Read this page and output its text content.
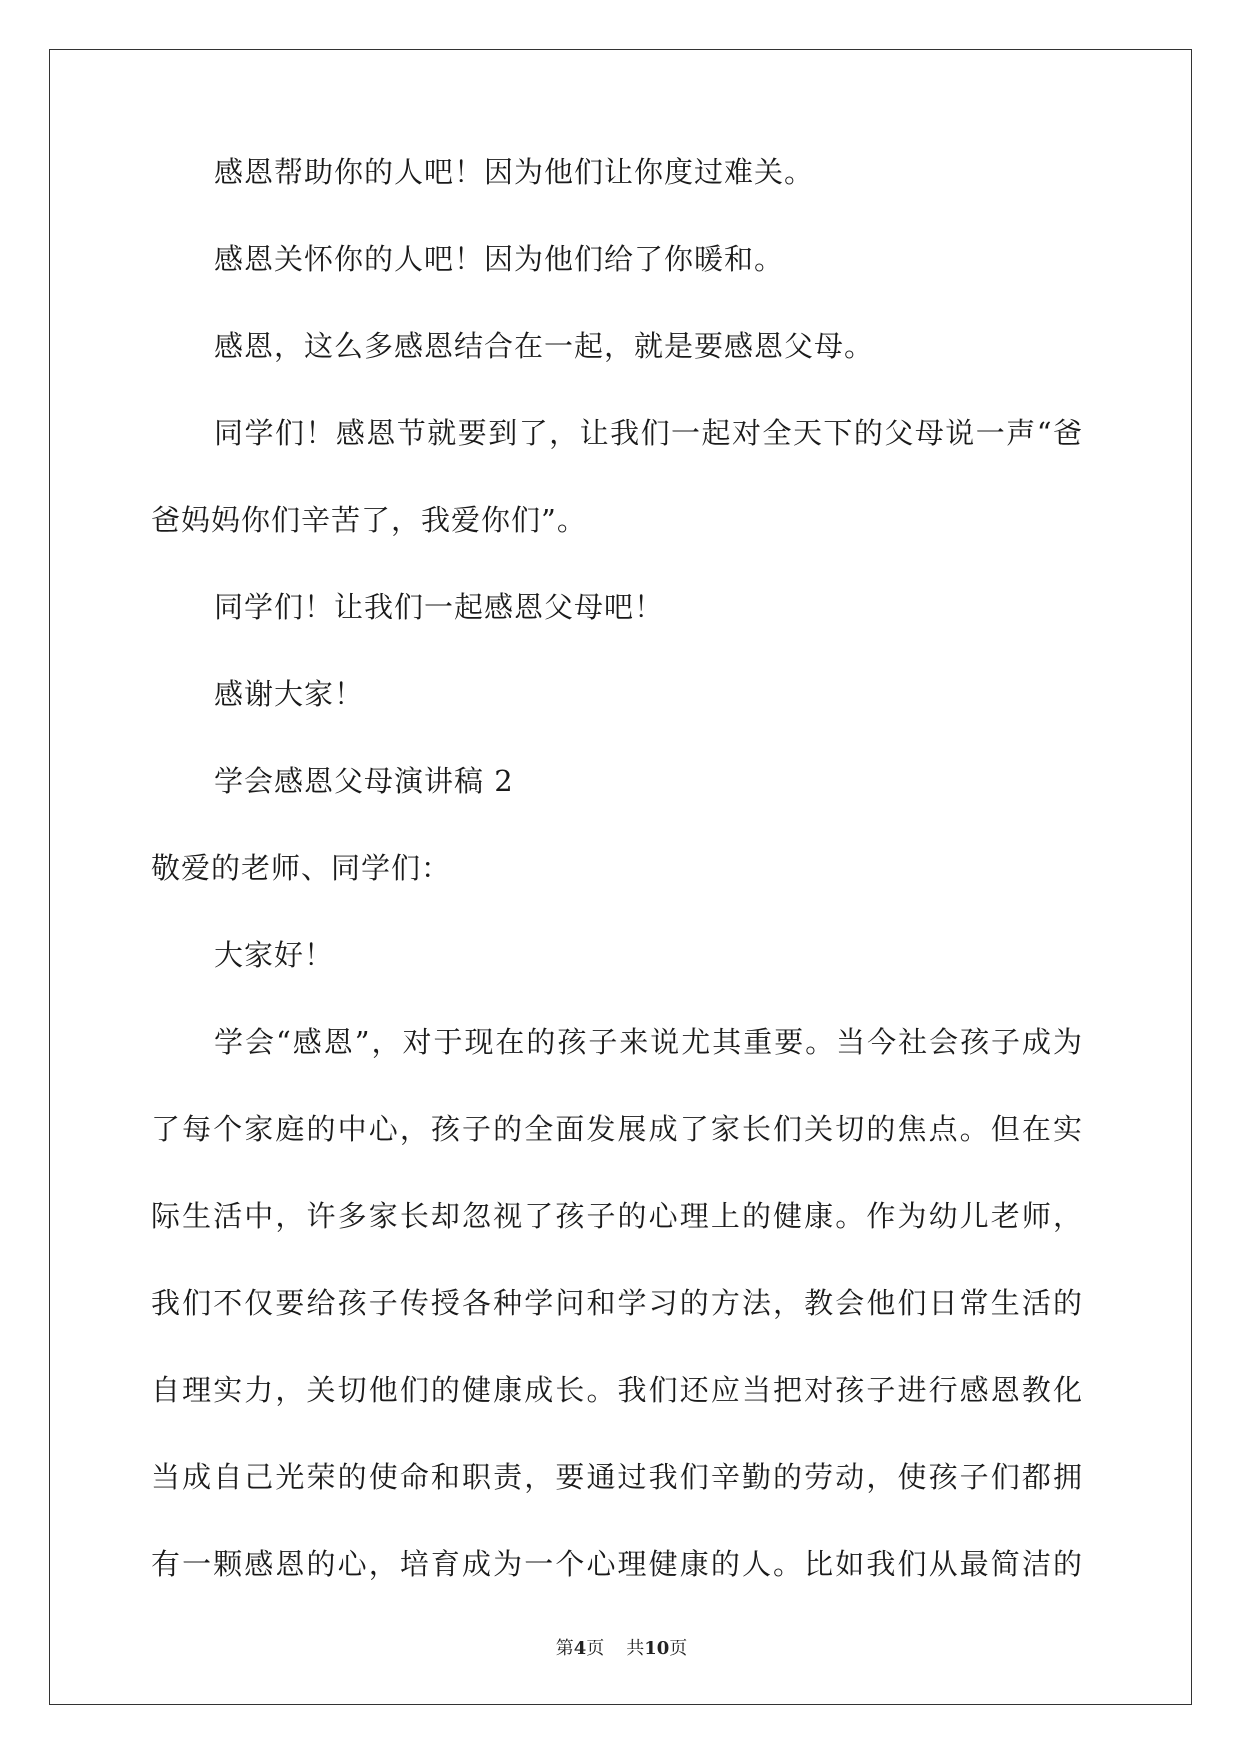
感恩帮助你的人吧！因为他们让你度过难关。
感恩关怀你的人吧！因为他们给了你暖和。
感恩，这么多感恩结合在一起，就是要感恩父母。
同学们！感恩节就要到了，让我们一起对全天下的父母说一声“爸
爸妈妈你们辛苦了，我爱你们”。
同学们！让我们一起感恩父母吧！
感谢大家！
学会感恩父母演讲稿 2
敬爱的老师、同学们：
大家好！
学会“感恩”，对于现在的孩子来说尤其重要。当今社会孩子成为
了每个家庭的中心，孩子的全面发展成了家长们关切的焦点。但在实
际生活中，许多家长却忽视了孩子的心理上的健康。作为幼儿老师，
我们不仅要给孩子传授各种学问和学习的方法，教会他们日常生活的
自理实力，关切他们的健康成长。我们还应当把对孩子进行感恩教化
当成自己光荣的使命和职责，要通过我们辛勤的劳动，使孩子们都拥
有一颗感恩的心，培育成为一个心理健康的人。比如我们从最简洁的
第4页 共10页
